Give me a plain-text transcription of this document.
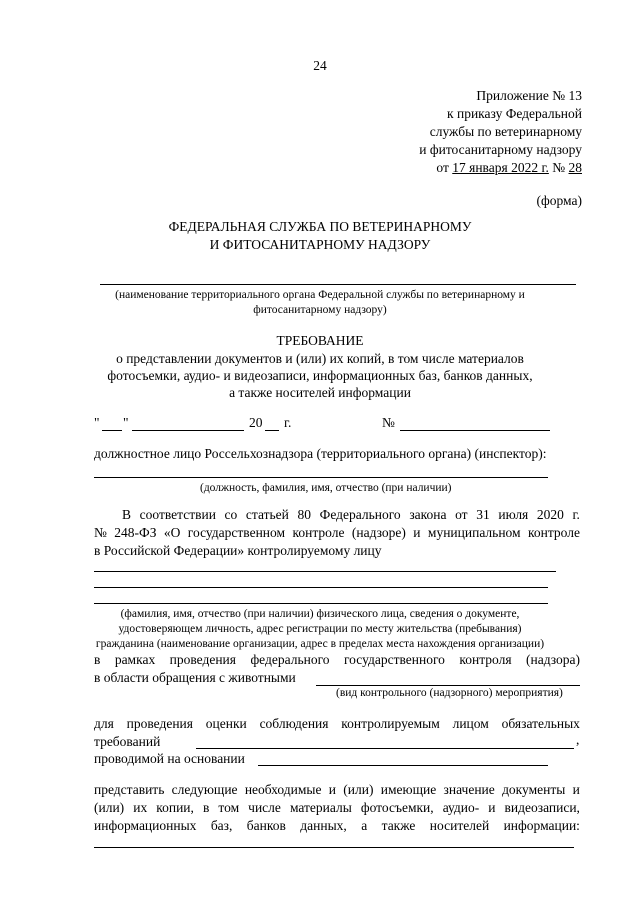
24
Приложение № 13
к приказу Федеральной
службы по ветеринарному
и фитосанитарному надзору
от 17 января 2022 г. № 28
(форма)
ФЕДЕРАЛЬНАЯ СЛУЖБА ПО ВЕТЕРИНАРНОМУ
И ФИТОСАНИТАРНОМУ НАДЗОРУ
(наименование территориального органа Федеральной службы по ветеринарному и
фитосанитарному надзору)
ТРЕБОВАНИЕ
о представлении документов и (или) их копий, в том числе материалов
фотосъемки, аудио- и видеозаписи, информационных баз, банков данных,
а также носителей информации
" "	20 г.	№
должностное лицо Россельхознадзора (территориального органа) (инспектор):
(должность, фамилия, имя, отчество (при наличии)
В соответствии со статьей 80 Федерального закона от 31 июля 2020 г.
№ 248-ФЗ «О государственном контроле (надзоре) и муниципальном контроле
в Российской Федерации» контролируемому лицу
(фамилия, имя, отчество (при наличии) физического лица, сведения о документе,
удостоверяющем личность, адрес регистрации по месту жительства (пребывания)
гражданина (наименование организации, адрес в пределах места нахождения организации)
в рамках проведения федерального государственного контроля (надзора)
в области обращения с животными
(вид контрольного (надзорного) мероприятия)
для проведения оценки соблюдения контролируемым лицом обязательных
требований	,
проводимой на основании
представить следующие необходимые и (или) имеющие значение документы и
(или) их копии, в том числе материалы фотосъемки, аудио- и видеозаписи,
информационных баз, банков данных, а также носителей информации:
